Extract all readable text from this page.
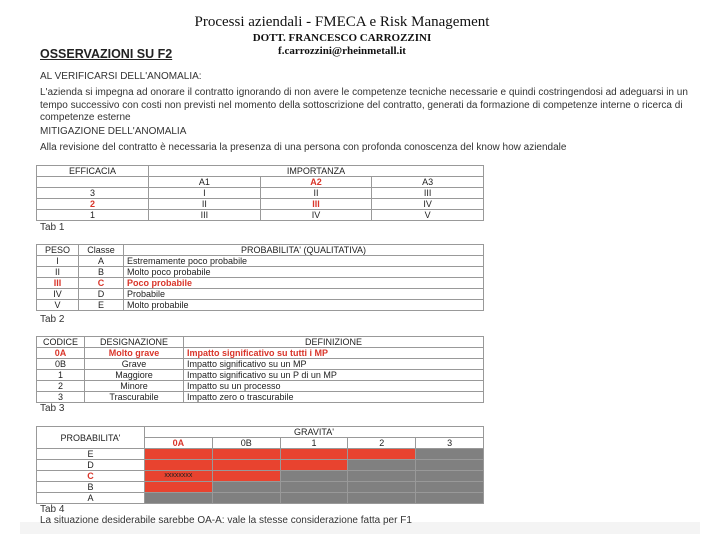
Processi aziendali - FMECA e Risk Management
DOTT. FRANCESCO CARROZZINI
f.carrozzini@rheinmetall.it
OSSERVAZIONI SU F2
AL VERIFICARSI DELL'ANOMALIA:
L'azienda si impegna ad onorare il contratto ignorando di non avere le competenze tecniche necessarie e quindi costringendosi ad adeguarsi in un tempo successivo con costi non previsti nel momento della sottoscrizione del contratto, generati da formazione di competenze interne o ricerca di competenze esterne
MITIGAZIONE DELL'ANOMALIA
Alla revisione del contratto è necessaria la presenza di una persona con profonda conoscenza del know how aziendale
EFFICACIA	IMPORTANZA		
	A1	A2	A3
3	I	II	III
2	II	III	IV
1	III	IV	V
Tab 1
PESO	Classe	PROBABILITA' (QUALITATIVA)
I	A	Estremamente poco probabile
II	B	Molto poco probabile
III	C	Poco probabile
IV	D	Probabile
V	E	Molto probabile
Tab 2
CODICE	DESIGNAZIONE	DEFINIZIONE
0A	Molto grave	Impatto significativo su tutti i MP
0B	Grave	Impatto significativo su un MP
1	Maggiore	Impatto significativo su un P di un MP
2	Minore	Impatto su un processo
3	Trascurabile	Impatto zero o trascurabile
Tab 3
PROBABILITA'	GRAVITA'				
	0A	0B	1	2	3
E					
D					
C	xxxxxxxx				
B					
A					
Tab 4
La situazione desiderabile sarebbe OA-A: vale la stesse considerazione fatta per F1
